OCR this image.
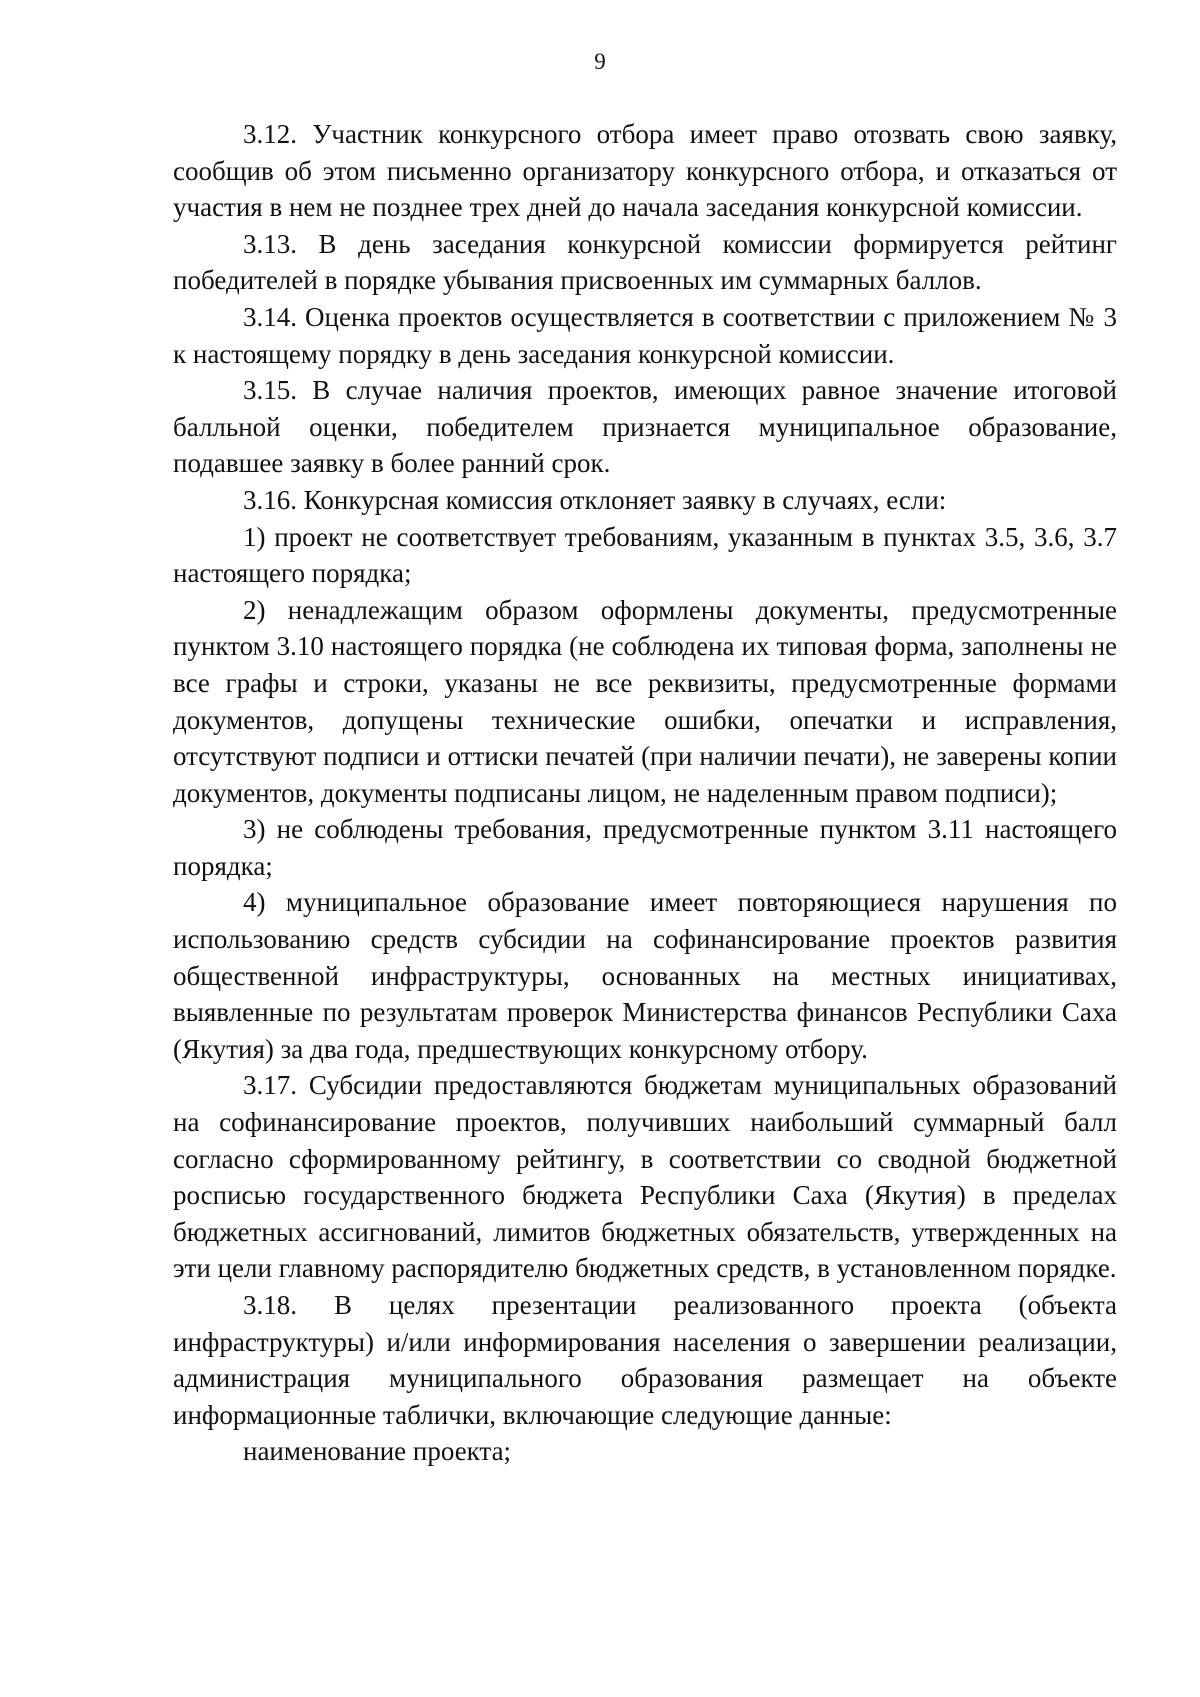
9

3.12. Участник конкурсного отбора имеет право отозвать свою заявку, сообщив об этом письменно организатору конкурсного отбора, и отказаться от участия в нем не позднее трех дней до начала заседания конкурсной комиссии.

3.13. В день заседания конкурсной комиссии формируется рейтинг победителей в порядке убывания присвоенных им суммарных баллов.

3.14. Оценка проектов осуществляется в соответствии с приложением № 3 к настоящему порядку в день заседания конкурсной комиссии.

3.15. В случае наличия проектов, имеющих равное значение итоговой балльной оценки, победителем признается муниципальное образование, подавшее заявку в более ранний срок.

3.16. Конкурсная комиссия отклоняет заявку в случаях, если:

1) проект не соответствует требованиям, указанным в пунктах 3.5, 3.6, 3.7 настоящего порядка;

2) ненадлежащим образом оформлены документы, предусмотренные пунктом 3.10 настоящего порядка (не соблюдена их типовая форма, заполнены не все графы и строки, указаны не все реквизиты, предусмотренные формами документов, допущены технические ошибки, опечатки и исправления, отсутствуют подписи и оттиски печатей (при наличии печати), не заверены копии документов, документы подписаны лицом, не наделенным правом подписи);

3) не соблюдены требования, предусмотренные пунктом 3.11 настоящего порядка;

4) муниципальное образование имеет повторяющиеся нарушения по использованию средств субсидии на софинансирование проектов развития общественной инфраструктуры, основанных на местных инициативах, выявленные по результатам проверок Министерства финансов Республики Саха (Якутия) за два года, предшествующих конкурсному отбору.

3.17. Субсидии предоставляются бюджетам муниципальных образований на софинансирование проектов, получивших наибольший суммарный балл согласно сформированному рейтингу, в соответствии со сводной бюджетной росписью государственного бюджета Республики Саха (Якутия) в пределах бюджетных ассигнований, лимитов бюджетных обязательств, утвержденных на эти цели главному распорядителю бюджетных средств, в установленном порядке.

3.18. В целях презентации реализованного проекта (объекта инфраструктуры) и/или информирования населения о завершении реализации, администрация муниципального образования размещает на объекте информационные таблички, включающие следующие данные:

наименование проекта;
